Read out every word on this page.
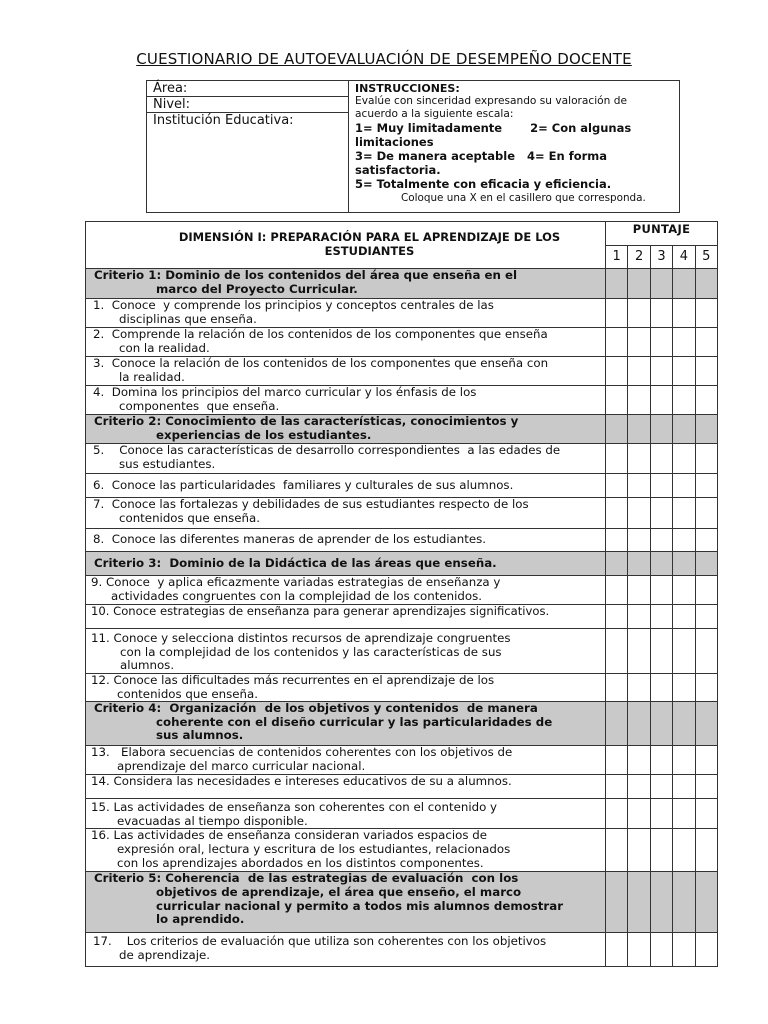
CUESTIONARIO DE AUTOEVALUACIÓN DE DESEMPEÑO DOCENTE
Área:	INSTRUCCIONES:
Evalúe con sinceridad expresando su valoración de
acuerdo a la siguiente escala:
1= Muy limitadamente       2= Con algunas
limitaciones
3= De manera aceptable   4= En forma
satisfactoria.
5= Totalmente con eficacia y eficiencia.
Coloque una X en el casillero que corresponda.

Nivel:
Institución Educativa:
DIMENSIÓN I: PREPARACIÓN PARA EL APRENDIZAJE DE LOS
ESTUDIANTES	PUNTAJE				
	1	2	3	4	5
Criterio 1: Dominio de los contenidos del área que enseña en el
marco del Proyecto Curricular.					

1.  Conoce  y comprende los principios y conceptos centrales de las
disciplinas que enseña.					

2.  Comprende la relación de los contenidos de los componentes que enseña
con la realidad.					

3.  Conoce la relación de los contenidos de los componentes que enseña con
la realidad.					

4.  Domina los principios del marco curricular y los énfasis de los
componentes  que enseña.					

Criterio 2: Conocimiento de las características, conocimientos y
experiencias de los estudiantes.					

5.    Conoce las características de desarrollo correspondientes  a las edades de
sus estudiantes.					

6.  Conoce las particularidades  familiares y culturales de sus alumnos.					
7.  Conoce las fortalezas y debilidades de sus estudiantes respecto de los
contenidos que enseña.					

8.  Conoce las diferentes maneras de aprender de los estudiantes.					
Criterio 3:  Dominio de la Didáctica de las áreas que enseña.					
9. Conoce  y aplica eficazmente variadas estrategias de enseñanza y
actividades congruentes con la complejidad de los contenidos.					

10. Conoce estrategias de enseñanza para generar aprendizajes significativos.					
11. Conoce y selecciona distintos recursos de aprendizaje congruentes
con la complejidad de los contenidos y las características de sus
alumnos.					

12. Conoce las dificultades más recurrentes en el aprendizaje de los
contenidos que enseña.					

Criterio 4:  Organización  de los objetivos y contenidos  de manera
coherente con el diseño curricular y las particularidades de
sus alumnos.					

13.   Elabora secuencias de contenidos coherentes con los objetivos de
aprendizaje del marco curricular nacional.					

14. Considera las necesidades e intereses educativos de su a alumnos.					
15. Las actividades de enseñanza son coherentes con el contenido y
evacuadas al tiempo disponible.					

16. Las actividades de enseñanza consideran variados espacios de
expresión oral, lectura y escritura de los estudiantes, relacionados
con los aprendizajes abordados en los distintos componentes.					

Criterio 5: Coherencia  de las estrategias de evaluación  con los
objetivos de aprendizaje, el área que enseño, el marco
curricular nacional y permito a todos mis alumnos demostrar
lo aprendido.					

17.    Los criterios de evaluación que utiliza son coherentes con los objetivos
de aprendizaje.					
